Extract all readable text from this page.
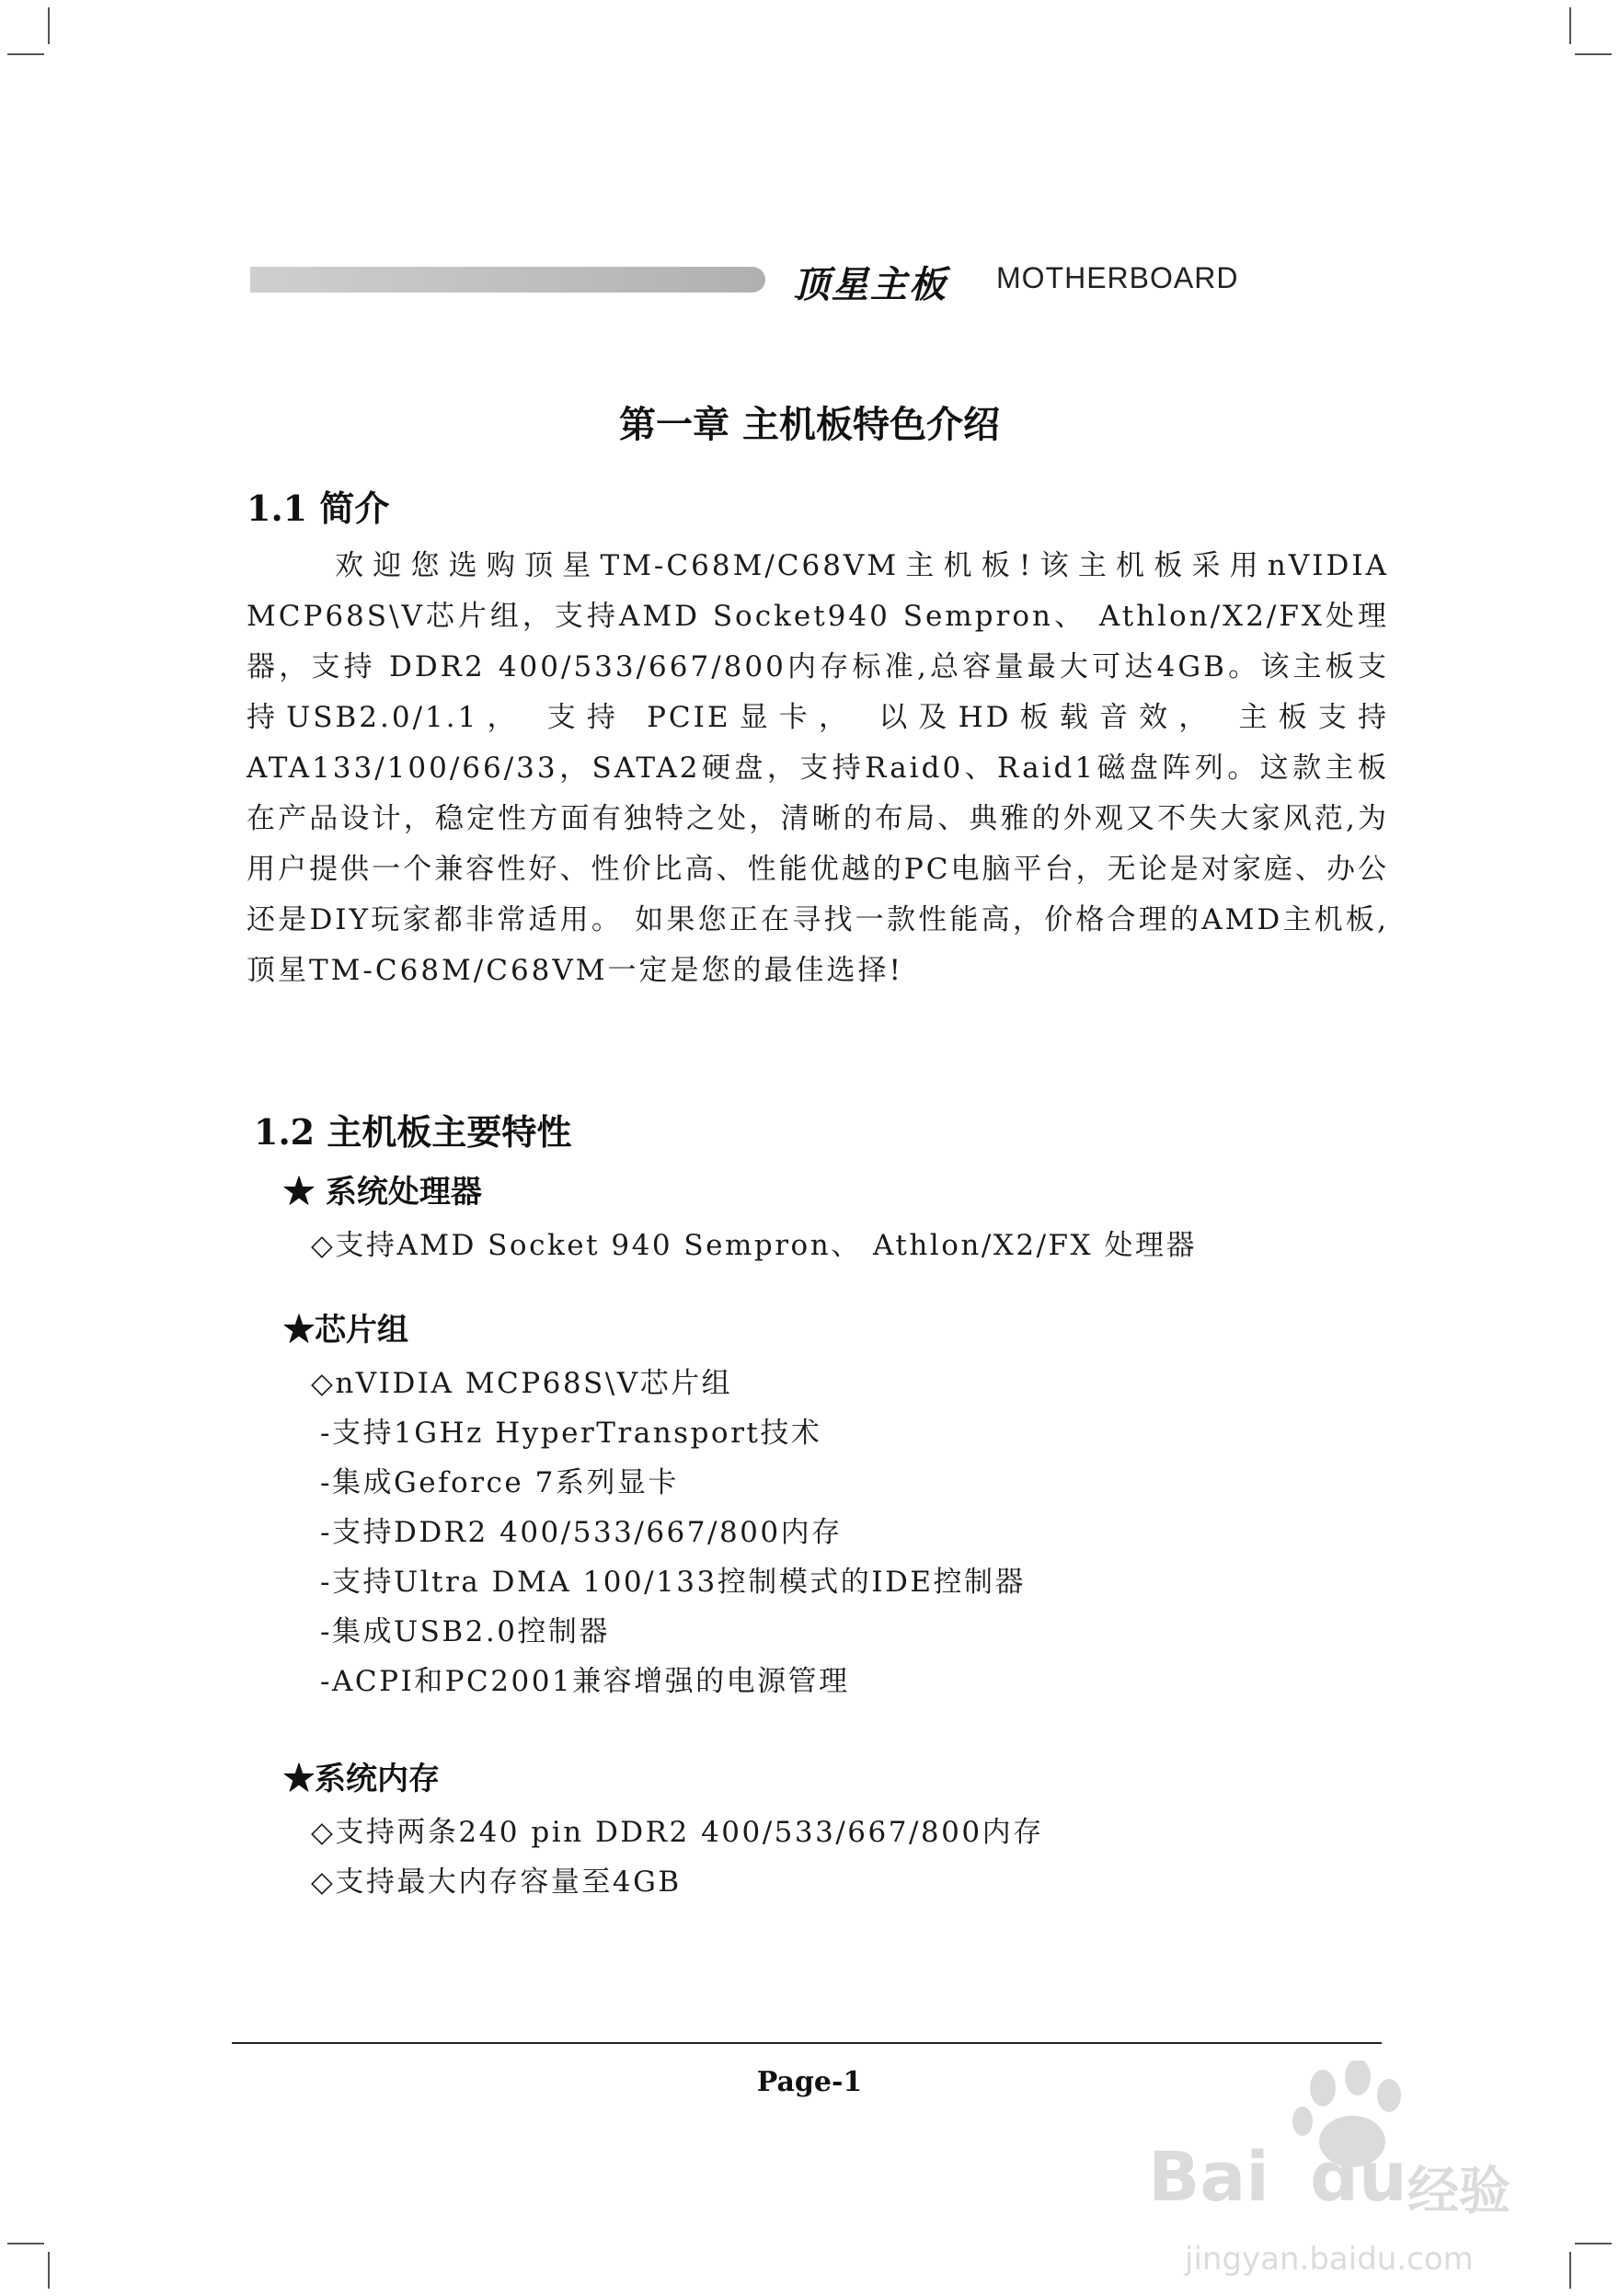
顶星主板 MOTHERBOARD
第一章 主机板特色介绍
1.1 简介

欢迎您选购顶星TM-C68M/C68VM主机板!该主机板采用nVIDIA MCP68S\V芯片组，支持AMD Socket940 Sempron、 Athlon/X2/FX处理器，支持 DDR2 400/533/667/800内存标准,总容量最大可达4GB。该主板支持USB2.0/1.1， 支持 PCIE显卡， 以及HD板载音效， 主板支持ATA133/100/66/33，SATA2硬盘，支持Raid0、Raid1磁盘阵列。这款主板在产品设计，稳定性方面有独特之处，清晰的布局、典雅的外观又不失大家风范,为用户提供一个兼容性好、性价比高、性能优越的PC电脑平台，无论是对家庭、办公还是DIY玩家都非常适用。 如果您正在寻找一款性能高，价格合理的AMD主机板,顶星TM-C68M/C68VM一定是您的最佳选择!

1.2 主机板主要特性
★ 系统处理器
◇支持AMD Socket 940 Sempron、 Athlon/X2/FX 处理器
★芯片组
◇nVIDIA MCP68S\V芯片组
-支持1GHz HyperTransport技术
-集成Geforce 7系列显卡
-支持DDR2 400/533/667/800内存
-支持Ultra DMA 100/133控制模式的IDE控制器
-集成USB2.0控制器
-ACPI和PC2001兼容增强的电源管理
★系统内存
◇支持两条240 pin DDR2 400/533/667/800内存
◇支持最大内存容量至4GB
Page-1
Bai du 经验
jingyan.baidu.com
